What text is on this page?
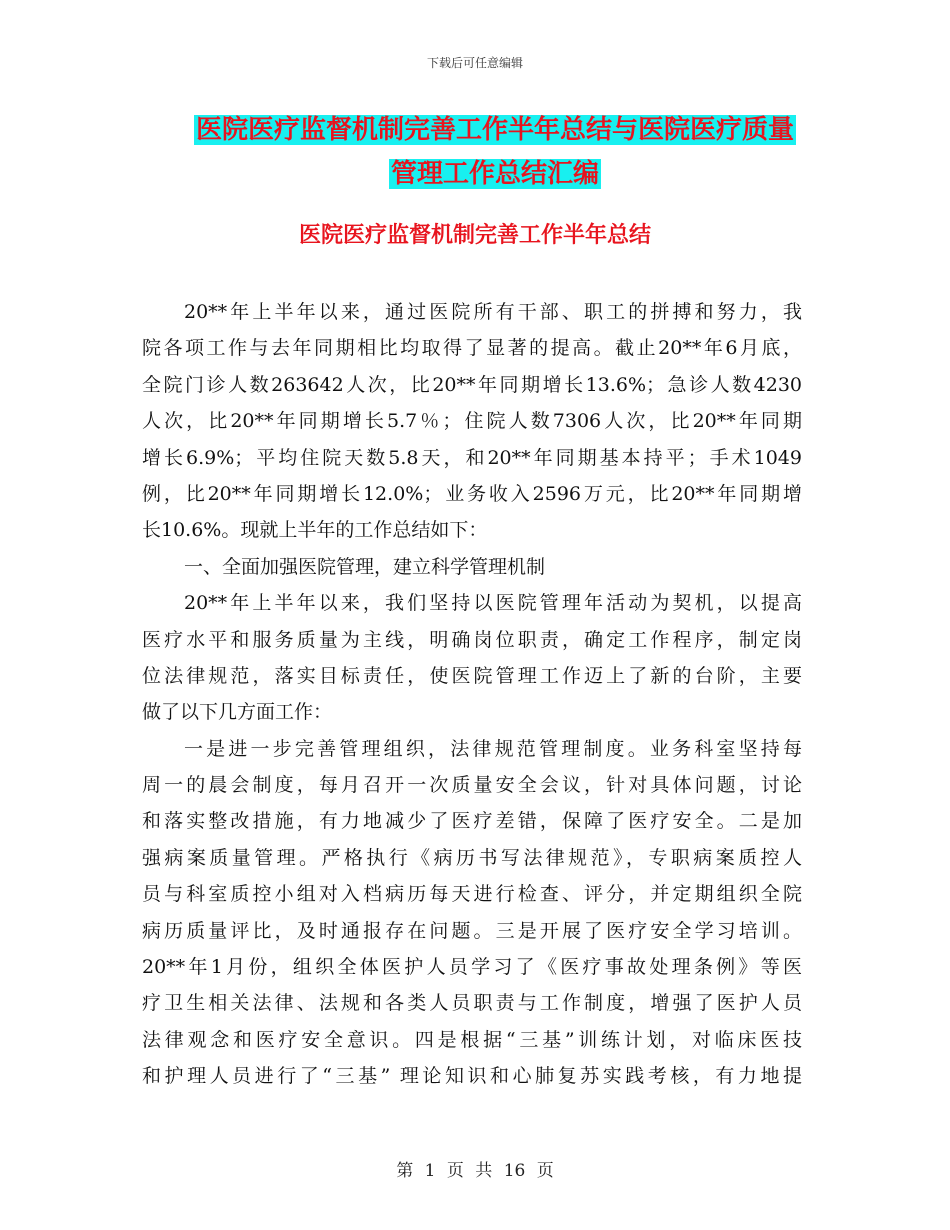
下载后可任意编辑
医院医疗监督机制完善工作半年总结与医院医疗质量
管理工作总结汇编
医院医疗监督机制完善工作半年总结
20**年上半年以来，通过医院所有干部、职工的拼搏和努力，我
院各项工作与去年同期相比均取得了显著的提高。截止20**年6月底，
全院门诊人数263642人次，比20**年同期增长13.6%；急诊人数4230
人次，比20**年同期增长5.7％；住院人数7306人次，比20**年同期
增长6.9%；平均住院天数5.8天，和20**年同期基本持平；手术1049
例，比20**年同期增长12.0%；业务收入2596万元，比20**年同期增
长10.6%。现就上半年的工作总结如下：
一、全面加强医院管理，建立科学管理机制
20**年上半年以来，我们坚持以医院管理年活动为契机，以提高
医疗水平和服务质量为主线，明确岗位职责，确定工作程序，制定岗
位法律规范，落实目标责任，使医院管理工作迈上了新的台阶，主要
做了以下几方面工作：
一是进一步完善管理组织，法律规范管理制度。业务科室坚持每
周一的晨会制度，每月召开一次质量安全会议，针对具体问题，讨论
和落实整改措施，有力地减少了医疗差错，保障了医疗安全。二是加
强病案质量管理。严格执行《病历书写法律规范》，专职病案质控人
员与科室质控小组对入档病历每天进行检查、评分，并定期组织全院
病历质量评比，及时通报存在问题。三是开展了医疗安全学习培训。
20**年1月份，组织全体医护人员学习了《医疗事故处理条例》等医
疗卫生相关法律、法规和各类人员职责与工作制度，增强了医护人员
法律观念和医疗安全意识。四是根据“三基”训练计划，对临床医技
和护理人员进行了“三基” 理论知识和心肺复苏实践考核，有力地提
第 1 页 共 16 页
